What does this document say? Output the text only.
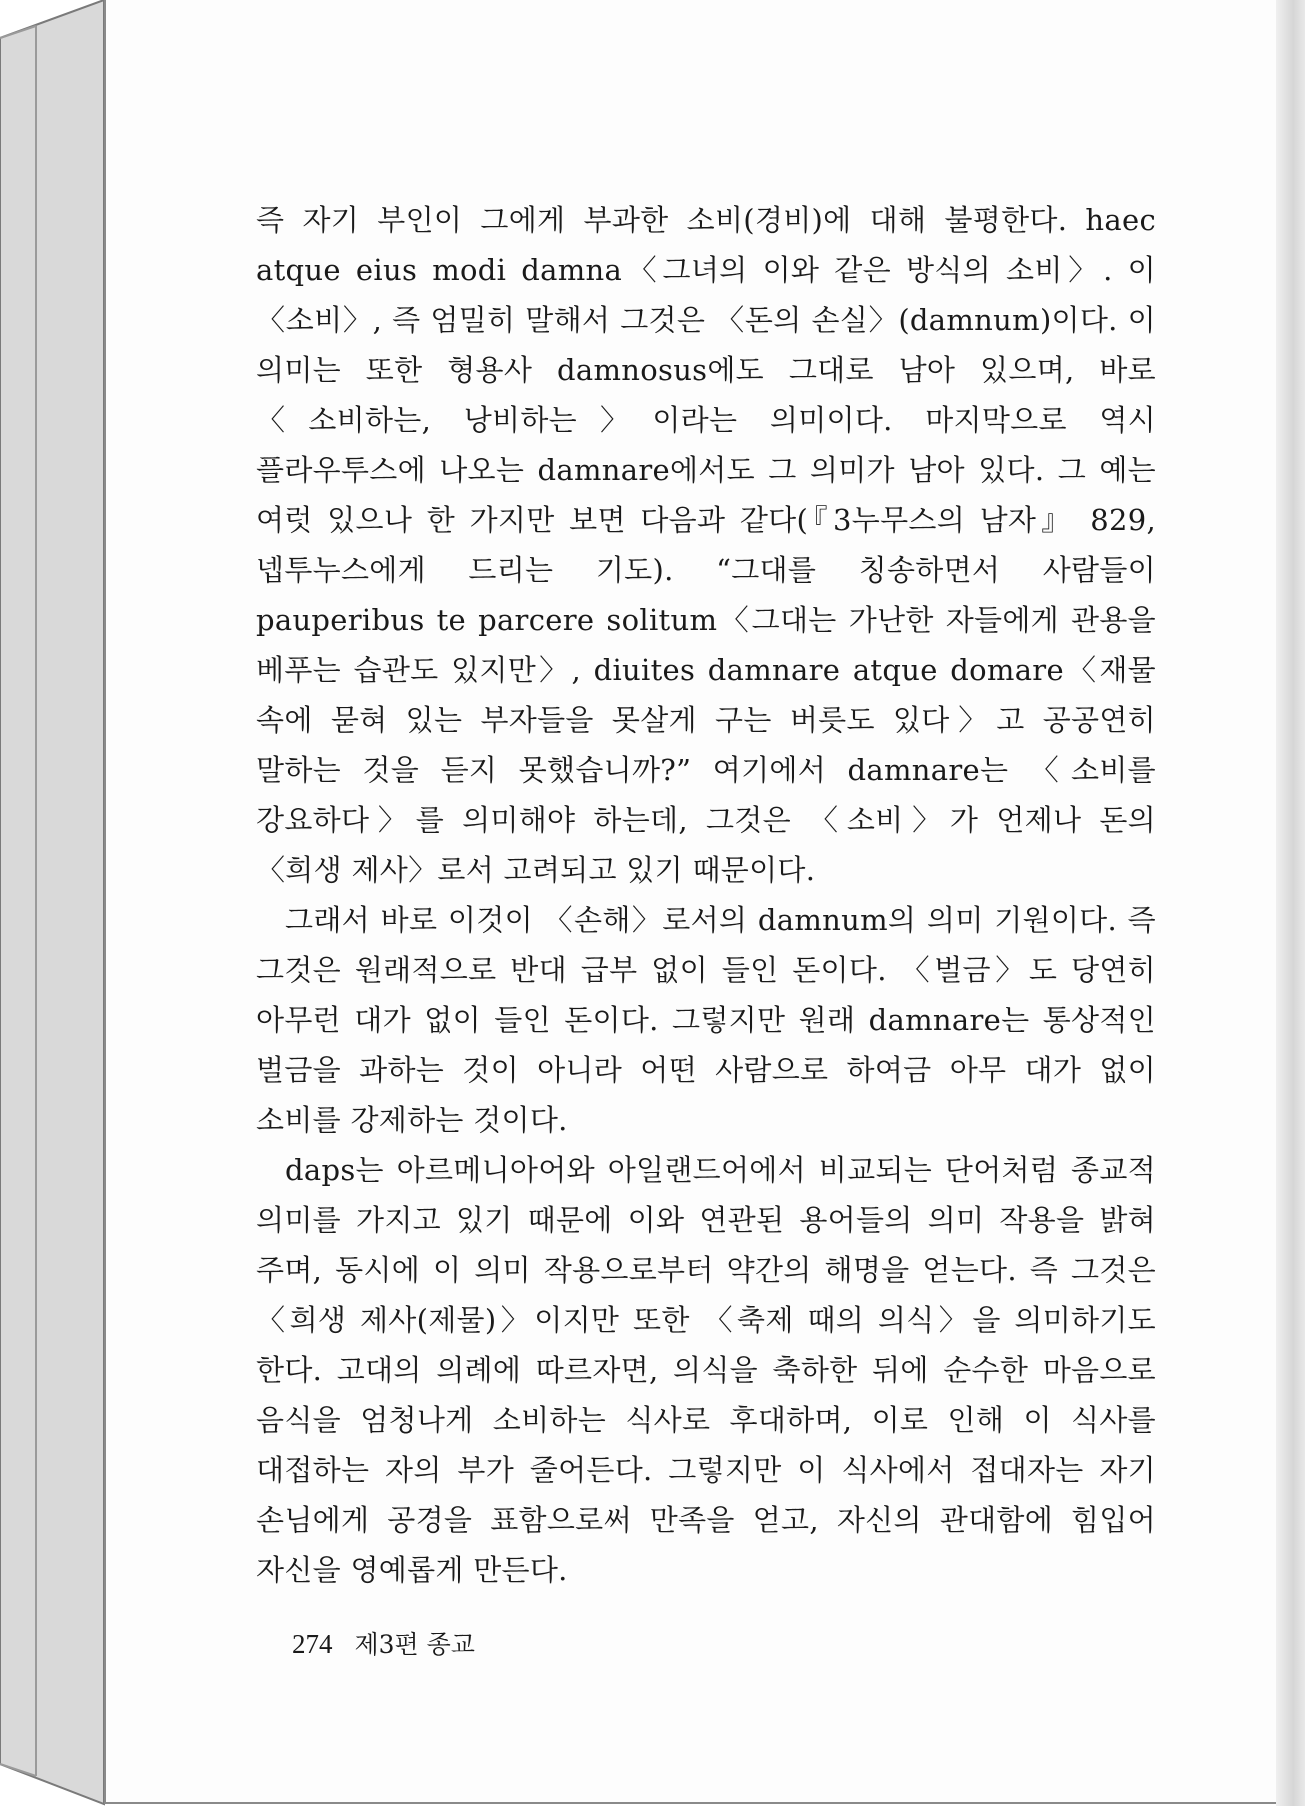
즉 자기 부인이 그에게 부과한 소비(경비)에 대해 불평한다. haec atque eius modi damna〈그녀의 이와 같은 방식의 소비〉. 이 〈소비〉, 즉 엄밀히 말해서 그것은 〈돈의 손실〉(damnum)이다. 이 의미는 또한 형용사 damnosus에도 그대로 남아 있으며, 바로 〈소비하는, 낭비하는〉이라는 의미이다. 마지막으로 역시 플라우투스에 나오는 damnare에서도 그 의미가 남아 있다. 그 예는 여럿 있으나 한 가지만 보면 다음과 같다(『3누무스의 남자』 829, 넵투누스에게 드리는 기도). “그대를 칭송하면서 사람들이 pauperibus te parcere solitum〈그대는 가난한 자들에게 관용을 베푸는 습관도 있지만〉, diuites damnare atque domare〈재물 속에 묻혀 있는 부자들을 못살게 구는 버릇도 있다〉고 공공연히 말하는 것을 듣지 못했습니까?” 여기에서 damnare는 〈소비를 강요하다〉를 의미해야 하는데, 그것은 〈소비〉가 언제나 돈의 〈희생 제사〉로서 고려되고 있기 때문이다.

그래서 바로 이것이 〈손해〉로서의 damnum의 의미 기원이다. 즉 그것은 원래적으로 반대 급부 없이 들인 돈이다. 〈벌금〉도 당연히 아무런 대가 없이 들인 돈이다. 그렇지만 원래 damnare는 통상적인 벌금을 과하는 것이 아니라 어떤 사람으로 하여금 아무 대가 없이 소비를 강제하는 것이다.

daps는 아르메니아어와 아일랜드어에서 비교되는 단어처럼 종교적 의미를 가지고 있기 때문에 이와 연관된 용어들의 의미 작용을 밝혀 주며, 동시에 이 의미 작용으로부터 약간의 해명을 얻는다. 즉 그것은 〈희생 제사(제물)〉이지만 또한 〈축제 때의 의식〉을 의미하기도 한다. 고대의 의례에 따르자면, 의식을 축하한 뒤에 순수한 마음으로 음식을 엄청나게 소비하는 식사로 후대하며, 이로 인해 이 식사를 대접하는 자의 부가 줄어든다. 그렇지만 이 식사에서 접대자는 자기 손님에게 공경을 표함으로써 만족을 얻고, 자신의 관대함에 힘입어 자신을 영예롭게 만든다.

274 제3편 종교
